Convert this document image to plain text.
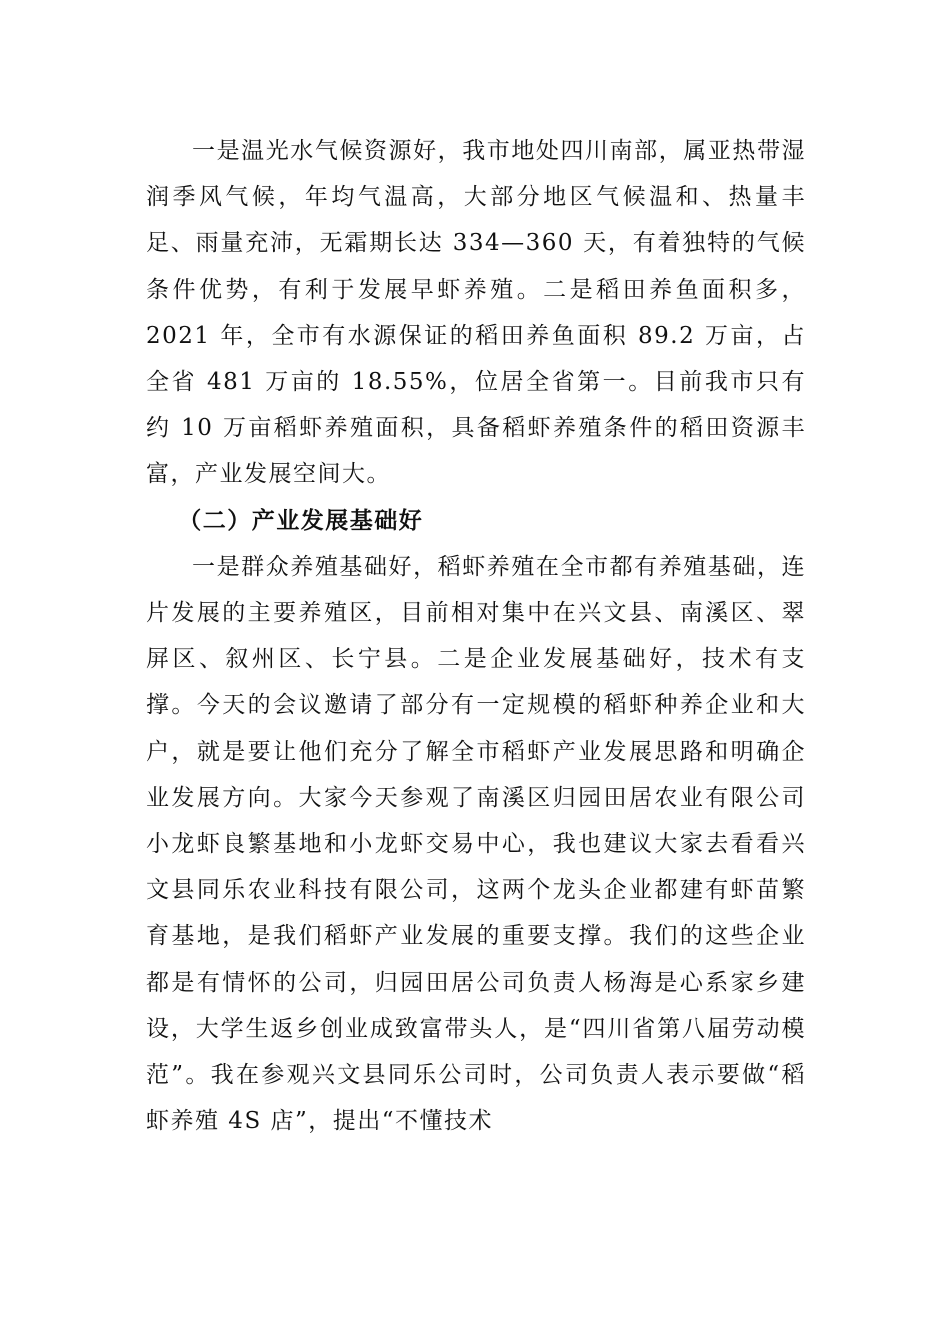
一是温光水气候资源好，我市地处四川南部，属亚热带湿润季风气候，年均气温高，大部分地区气候温和、热量丰足、雨量充沛，无霜期长达 334—360 天，有着独特的气候条件优势，有利于发展早虾养殖。二是稻田养鱼面积多，2021 年，全市有水源保证的稻田养鱼面积 89.2 万亩，占全省 481 万亩的 18.55%，位居全省第一。目前我市只有约 10 万亩稻虾养殖面积，具备稻虾养殖条件的稻田资源丰富，产业发展空间大。

（二）产业发展基础好

一是群众养殖基础好，稻虾养殖在全市都有养殖基础，连片发展的主要养殖区，目前相对集中在兴文县、南溪区、翠屏区、叙州区、长宁县。二是企业发展基础好，技术有支撑。今天的会议邀请了部分有一定规模的稻虾种养企业和大户，就是要让他们充分了解全市稻虾产业发展思路和明确企业发展方向。大家今天参观了南溪区归园田居农业有限公司小龙虾良繁基地和小龙虾交易中心，我也建议大家去看看兴文县同乐农业科技有限公司，这两个龙头企业都建有虾苗繁育基地，是我们稻虾产业发展的重要支撑。我们的这些企业都是有情怀的公司，归园田居公司负责人杨海是心系家乡建设，大学生返乡创业成致富带头人，是“四川省第八届劳动模范”。我在参观兴文县同乐公司时，公司负责人表示要做“稻虾养殖 4S 店”，提出“不懂技术
